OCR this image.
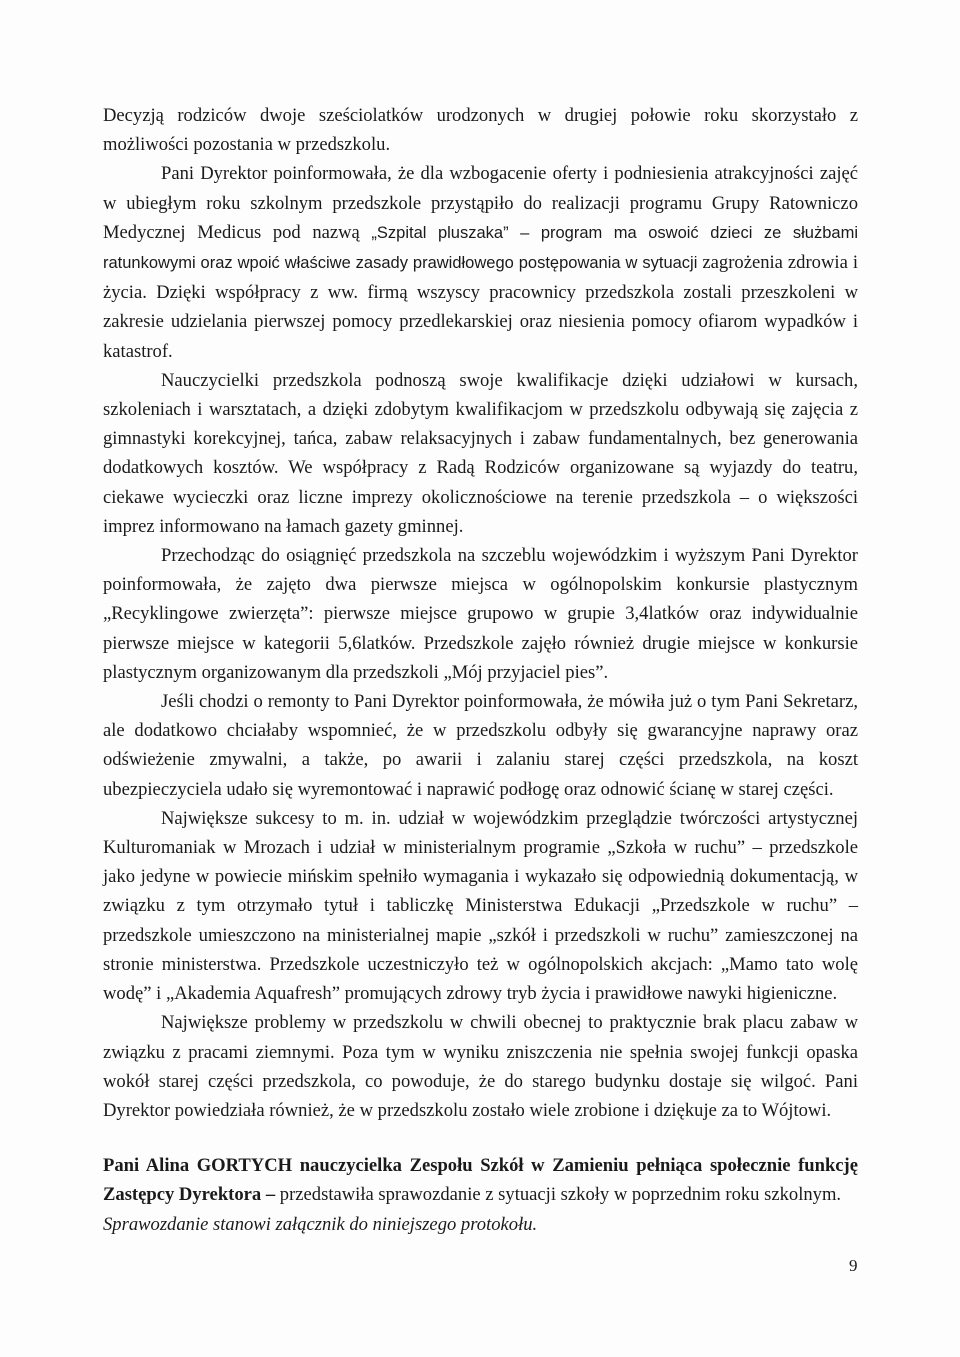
Decyzją rodziców dwoje sześciolatków urodzonych w drugiej połowie roku skorzystało z możliwości pozostania w przedszkolu.

Pani Dyrektor poinformowała, że dla wzbogacenie oferty i podniesienia atrakcyjności zajęć w ubiegłym roku szkolnym przedszkole przystąpiło do realizacji programu Grupy Ratowniczo Medycznej Medicus pod nazwą „Szpital pluszaka” – program ma oswoić dzieci ze służbami ratunkowymi oraz wpoić właściwe zasady prawidłowego postępowania w sytuacji zagrożenia zdrowia i życia. Dzięki współpracy z ww. firmą wszyscy pracownicy przedszkola zostali przeszkoleni w zakresie udzielania pierwszej pomocy przedlekarskiej oraz niesienia pomocy ofiarom wypadków i katastrof.

Nauczycielki przedszkola podnoszą swoje kwalifikacje dzięki udziałowi w kursach, szkoleniach i warsztatach, a dzięki zdobytym kwalifikacjom w przedszkolu odbywają się zajęcia z gimnastyki korekcyjnej, tańca, zabaw relaksacyjnych i zabaw fundamentalnych, bez generowania dodatkowych kosztów. We współpracy z Radą Rodziców organizowane są wyjazdy do teatru, ciekawe wycieczki oraz liczne imprezy okolicznościowe na terenie przedszkola – o większości imprez informowano na łamach gazety gminnej.

Przechodząc do osiągnięć przedszkola na szczeblu wojewódzkim i wyższym Pani Dyrektor poinformowała, że zajęto dwa pierwsze miejsca w ogólnopolskim konkursie plastycznym „Recyklingowe zwierzęta”: pierwsze miejsce grupowo w grupie 3,4latków oraz indywidualnie pierwsze miejsce w kategorii 5,6latków. Przedszkole zajęło również drugie miejsce w konkursie plastycznym organizowanym dla przedszkoli „Mój przyjaciel pies”.

Jeśli chodzi o remonty to Pani Dyrektor poinformowała, że mówiła już o tym Pani Sekretarz, ale dodatkowo chciałaby wspomnieć, że w przedszkolu odbyły się gwarancyjne naprawy oraz odświeżenie zmywalni, a także, po awarii i zalaniu starej części przedszkola, na koszt ubezpieczyciela udało się wyremontować i naprawić podłogę oraz odnowić ścianę w starej części.

Największe sukcesy to m. in. udział w wojewódzkim przeglądzie twórczości artystycznej Kulturomaniak w Mrozach i udział w ministerialnym programie „Szkoła w ruchu” – przedszkole jako jedyne w powiecie mińskim spełniło wymagania i wykazało się odpowiednią dokumentacją, w związku z tym otrzymało tytuł i tabliczkę Ministerstwa Edukacji „Przedszkole w ruchu” – przedszkole umieszczono na ministerialnej mapie „szkół i przedszkoli w ruchu” zamieszczonej na stronie ministerstwa. Przedszkole uczestniczyło też w ogólnopolskich akcjach: „Mamo tato wolę wodę” i „Akademia Aquafresh” promujących zdrowy tryb życia i prawidłowe nawyki higieniczne.

Największe problemy w przedszkolu w chwili obecnej to praktycznie brak placu zabaw w związku z pracami ziemnymi. Poza tym w wyniku zniszczenia nie spełnia swojej funkcji opaska wokół starej części przedszkola, co powoduje, że do starego budynku dostaje się wilgoć. Pani Dyrektor powiedziała również, że w przedszkolu zostało wiele zrobione i dziękuje za to Wójtowi.

Pani Alina GORTYCH nauczycielka Zespołu Szkół w Zamieniu pełniąca społecznie funkcję Zastępcy Dyrektora – przedstawiła sprawozdanie z sytuacji szkoły w poprzednim roku szkolnym.

Sprawozdanie stanowi załącznik do niniejszego protokołu.

9
